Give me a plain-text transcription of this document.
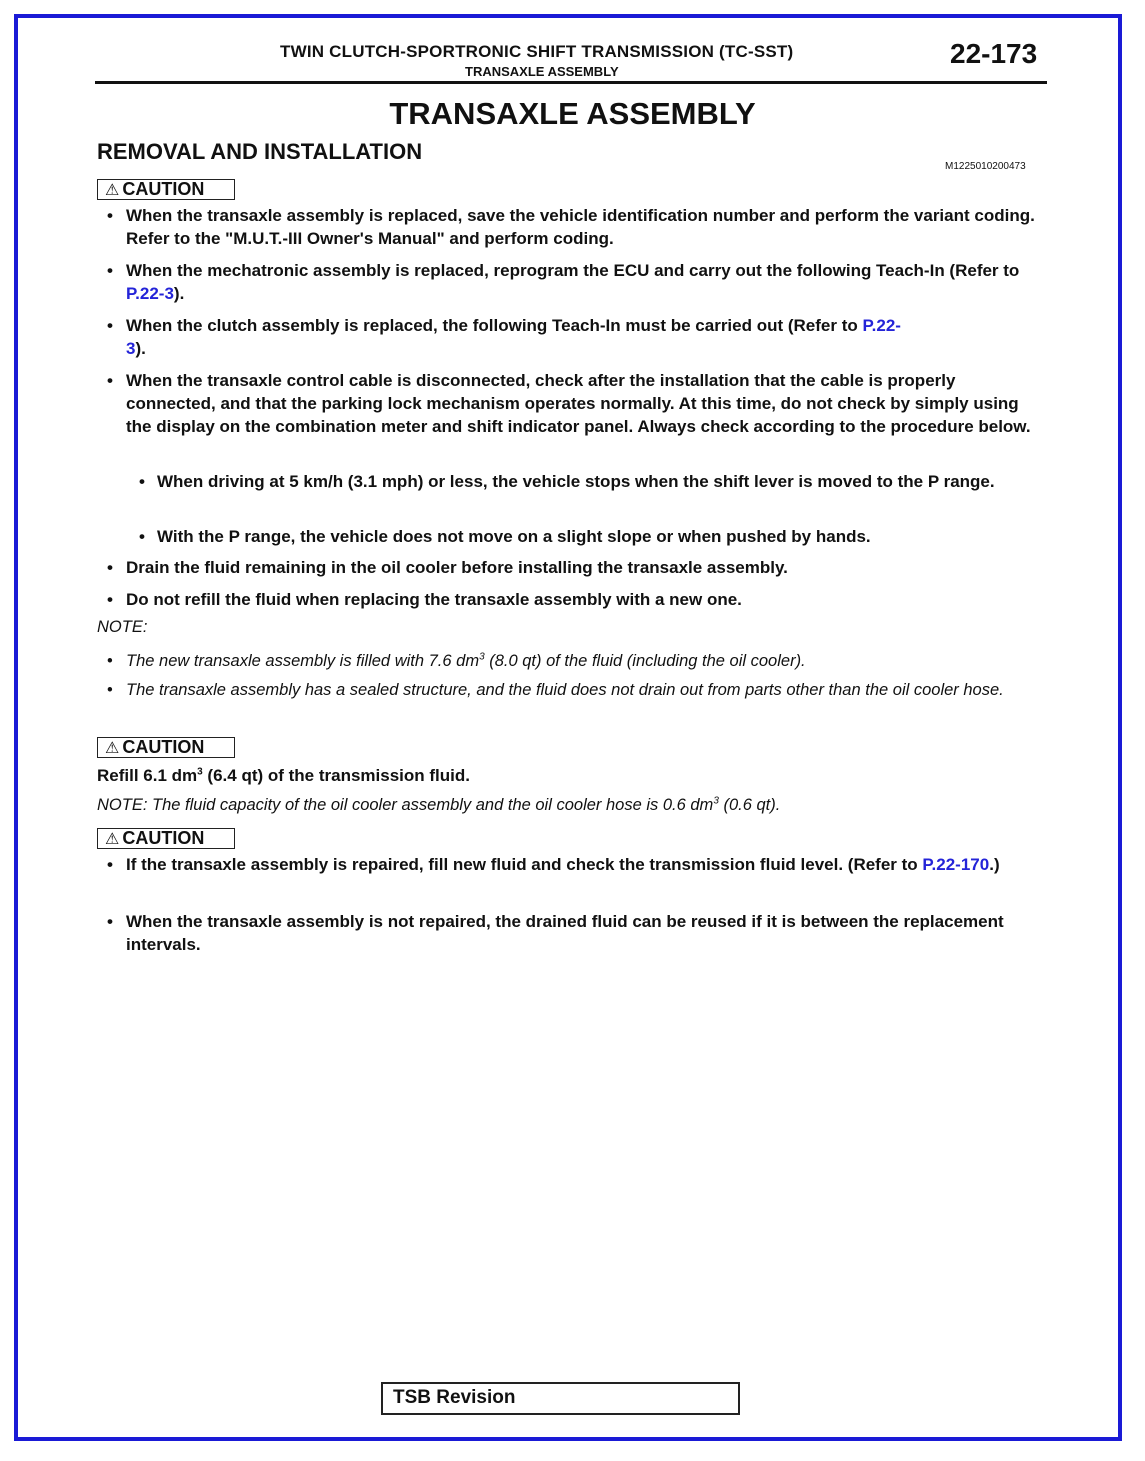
TWIN CLUTCH-SPORTRONIC SHIFT TRANSMISSION (TC-SST)
TRANSAXLE ASSEMBLY
22-173
TRANSAXLE ASSEMBLY
REMOVAL AND INSTALLATION
M1225010200473
⚠ CAUTION
• When the transaxle assembly is replaced, save the vehicle identification number and perform the variant coding. Refer to the "M.U.T.-III Owner's Manual" and perform coding.
• When the mechatronic assembly is replaced, reprogram the ECU and carry out the following Teach-In (Refer to P.22-3).
• When the clutch assembly is replaced, the following Teach-In must be carried out (Refer to P.22-
3).
• When the transaxle control cable is disconnected, check after the installation that the cable is properly connected, and that the parking lock mechanism operates normally. At this time, do not check by simply using the display on the combination meter and shift indicator panel. Always check according to the procedure below.
• When driving at 5 km/h (3.1 mph) or less, the vehicle stops when the shift lever is moved to the P range.
• With the P range, the vehicle does not move on a slight slope or when pushed by hands.
• Drain the fluid remaining in the oil cooler before installing the transaxle assembly.
• Do not refill the fluid when replacing the transaxle assembly with a new one.
NOTE:
• The new transaxle assembly is filled with 7.6 $dm^3$ (8.0 qt) of the fluid (including the oil cooler).
• The transaxle assembly has a sealed structure, and the fluid does not drain out from parts other than the oil cooler hose.
⚠ CAUTION
Refill 6.1 $dm^3$ (6.4 qt) of the transmission fluid.
NOTE: The fluid capacity of the oil cooler assembly and the oil cooler hose is 0.6 $dm^3$ (0.6 qt).
⚠ CAUTION
• If the transaxle assembly is repaired, fill new fluid and check the transmission fluid level. (Refer to P.22-170.)
• When the transaxle assembly is not repaired, the drained fluid can be reused if it is between the replacement intervals.
TSB Revision
